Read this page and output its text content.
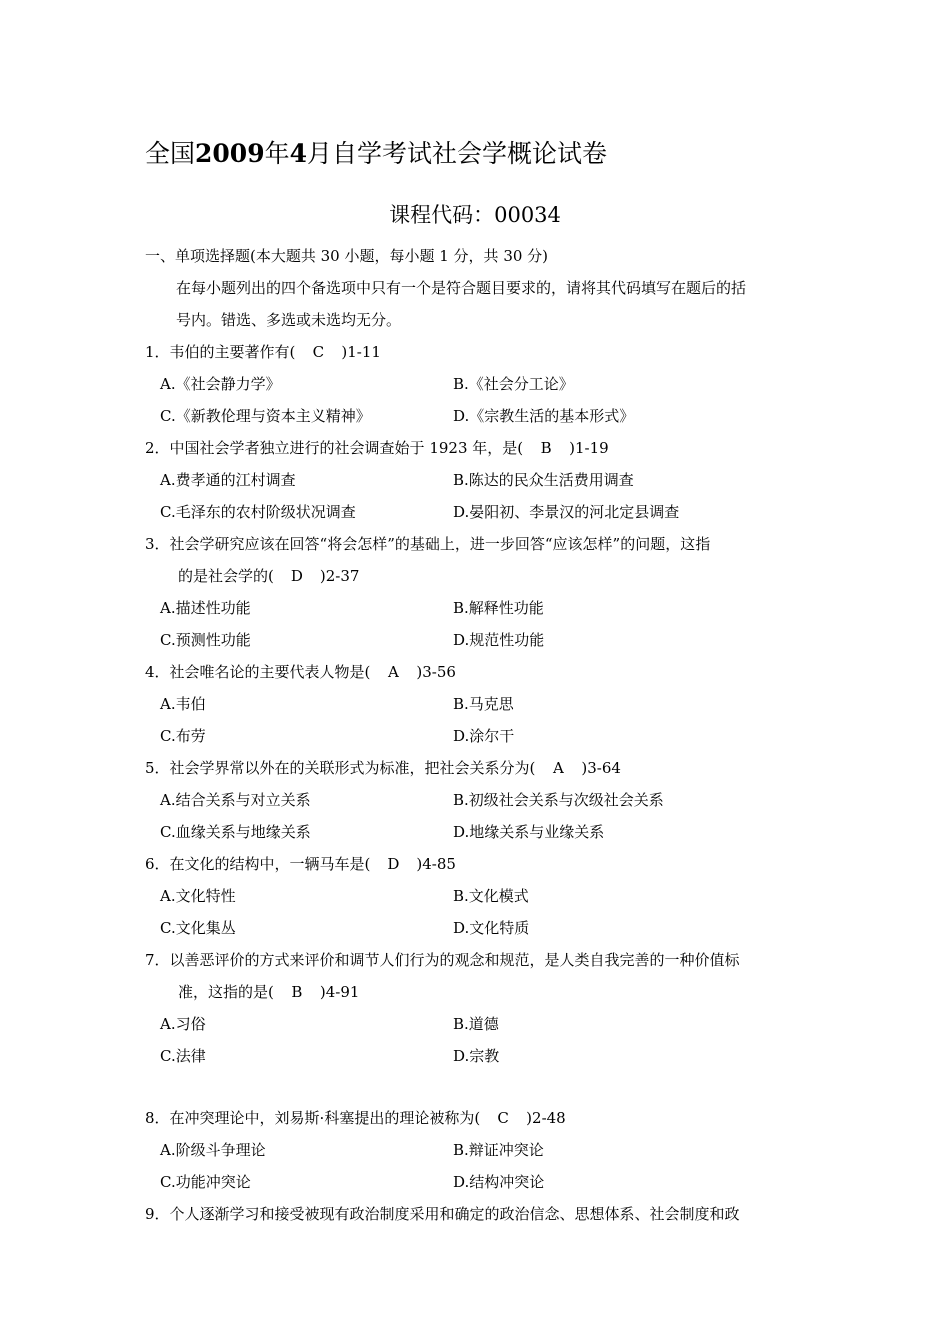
全国2009年4月自学考试社会学概论试卷
课程代码：00034
一、单项选择题(本大题共 30 小题，每小题 1 分，共 30 分)
在每小题列出的四个备选项中只有一个是符合题目要求的，请将其代码填写在题后的括
号内。错选、多选或未选均无分。
1．韦伯的主要著作有( C )1-11
A.《社会静力学》	B.《社会分工论》
C.《新教伦理与资本主义精神》	D.《宗教生活的基本形式》
2．中国社会学者独立进行的社会调查始于 1923 年，是( B )1-19
A.费孝通的江村调查	B.陈达的民众生活费用调查
C.毛泽东的农村阶级状况调查	D.晏阳初、李景汉的河北定县调查
3．社会学研究应该在回答“将会怎样”的基础上，进一步回答“应该怎样”的问题，这指
的是社会学的( D )2-37
A.描述性功能	B.解释性功能
C.预测性功能	D.规范性功能
4．社会唯名论的主要代表人物是( A )3-56
A.韦伯	B.马克思
C.布劳	D.涂尔干
5．社会学界常以外在的关联形式为标准，把社会关系分为( A )3-64
A.结合关系与对立关系	B.初级社会关系与次级社会关系
C.血缘关系与地缘关系	D.地缘关系与业缘关系
6．在文化的结构中，一辆马车是( D )4-85
A.文化特性	B.文化模式
C.文化集丛	D.文化特质
7．以善恶评价的方式来评价和调节人们行为的观念和规范，是人类自我完善的一种价值标
准，这指的是( B )4-91
A.习俗	B.道德
C.法律	D.宗教
8．在冲突理论中，刘易斯·科塞提出的理论被称为( C )2-48
A.阶级斗争理论	B.辩证冲突论
C.功能冲突论	D.结构冲突论
9．个人逐渐学习和接受被现有政治制度采用和确定的政治信念、思想体系、社会制度和政
